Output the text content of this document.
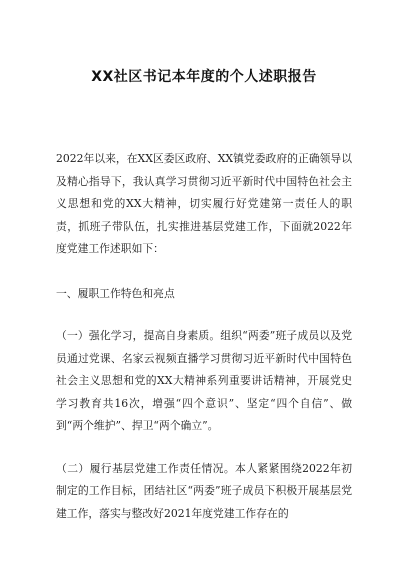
XX社区书记本年度的个人述职报告

2022年以来，在XX区委区政府、XX镇党委政府的正确领导以及精心指导下，我认真学习贯彻习近平新时代中国特色社会主义思想和党的XX大精神，切实履行好党建第一责任人的职责，抓班子带队伍，扎实推进基层党建工作，下面就2022年度党建工作述职如下：

一、履职工作特色和亮点

（一）强化学习，提高自身素质。组织“两委”班子成员以及党员通过党课、名家云视频直播学习贯彻习近平新时代中国特色社会主义思想和党的XX大精神系列重要讲话精神，开展党史学习教育共16次，增强“四个意识”、坚定“四个自信”、做到“两个维护”、捍卫“两个确立”。

（二）履行基层党建工作责任情况。本人紧紧围绕2022年初制定的工作目标，团结社区“两委”班子成员下积极开展基层党建工作，落实与整改好2021年度党建工作存在的
